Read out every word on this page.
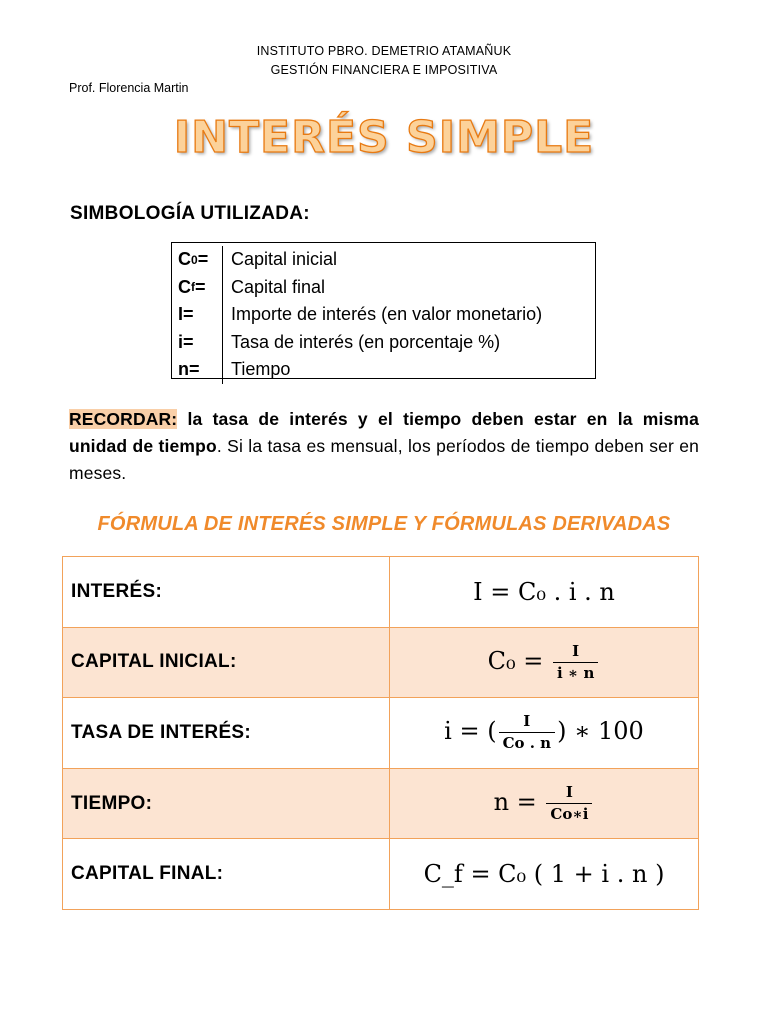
INSTITUTO PBRO. DEMETRIO ATAMAÑUK
GESTIÓN FINANCIERA E IMPOSITIVA
Prof. Florencia Martin
INTERÉS SIMPLE
SIMBOLOGÍA UTILIZADA:
C 0 =	Capital inicial
C f =	Capital final
I =	Importe de interés (en valor monetario)
i =	Tasa de interés (en porcentaje %)
n =	Tiempo
RECORDAR: la tasa de interés y el tiempo deben estar en la misma unidad de tiempo. Si la tasa es mensual, los períodos de tiempo deben ser en meses.
FÓRMULA DE INTERÉS SIMPLE Y FÓRMULAS DERIVADAS
INTERÉS:	I = C₀ . i . n
CAPITAL INICIAL:	$C_0 = \frac{I}{i ∗ n}$

TASA DE INTERÉS:	i = ( $\frac{I}{Co . n}$ ) ∗ 100
TIEMPO:	$n = \frac{I}{Co∗i}$

CAPITAL FINAL:	C_f = C₀ ( 1 + i . n )
